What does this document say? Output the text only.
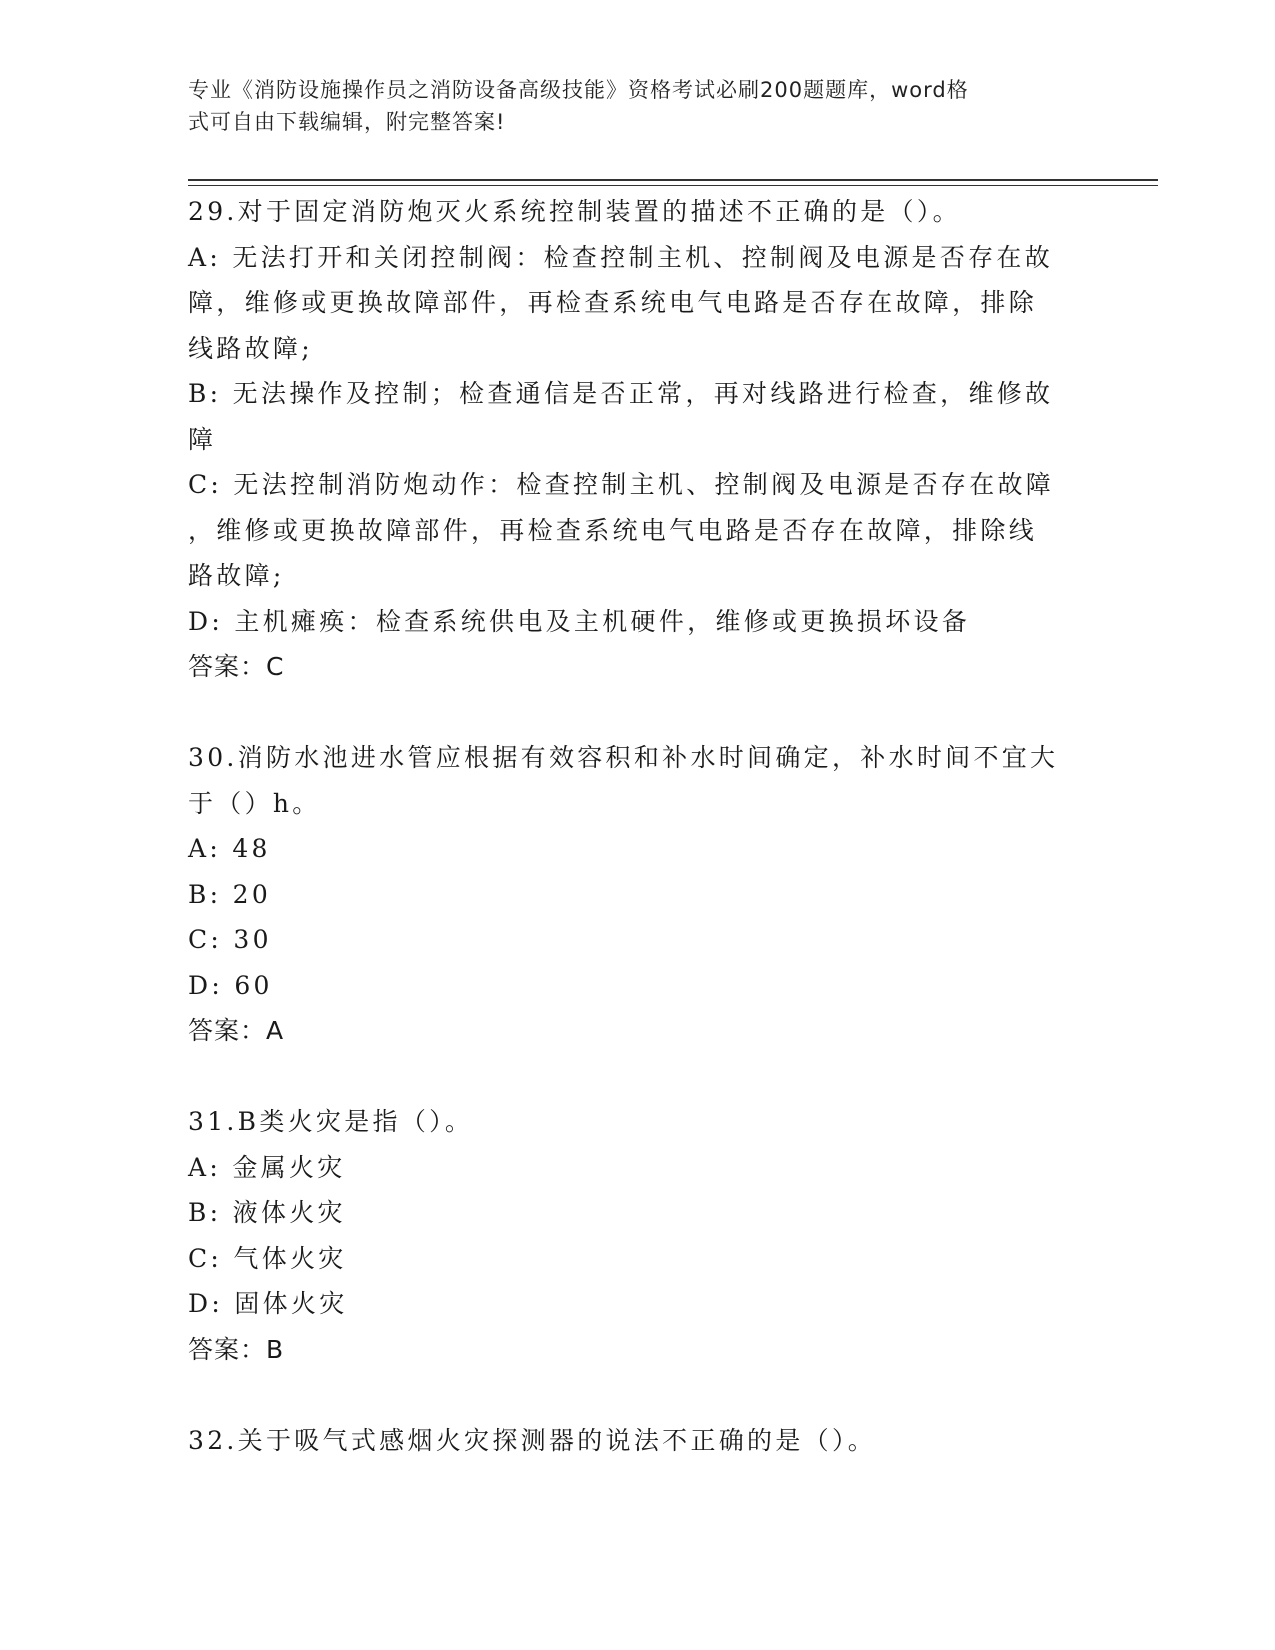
专业《消防设施操作员之消防设备高级技能》资格考试必刷200题题库，word格
式可自由下载编辑，附完整答案!
29.对于固定消防炮灭火系统控制装置的描述不正确的是（）。
A: 无法打开和关闭控制阀：检查控制主机、控制阀及电源是否存在故
障，维修或更换故障部件，再检查系统电气电路是否存在故障，排除
线路故障;
B: 无法操作及控制；检查通信是否正常，再对线路进行检查，维修故
障
C: 无法控制消防炮动作：检查控制主机、控制阀及电源是否存在故障
，维修或更换故障部件，再检查系统电气电路是否存在故障，排除线
路故障;
D: 主机瘫痪：检查系统供电及主机硬件，维修或更换损坏设备
答案：C
30.消防水池进水管应根据有效容积和补水时间确定，补水时间不宜大
于（）h。
A: 48
B: 20
C: 30
D: 60
答案：A
31.B类火灾是指（）。
A: 金属火灾
B: 液体火灾
C: 气体火灾
D: 固体火灾
答案：B
32.关于吸气式感烟火灾探测器的说法不正确的是（）。
